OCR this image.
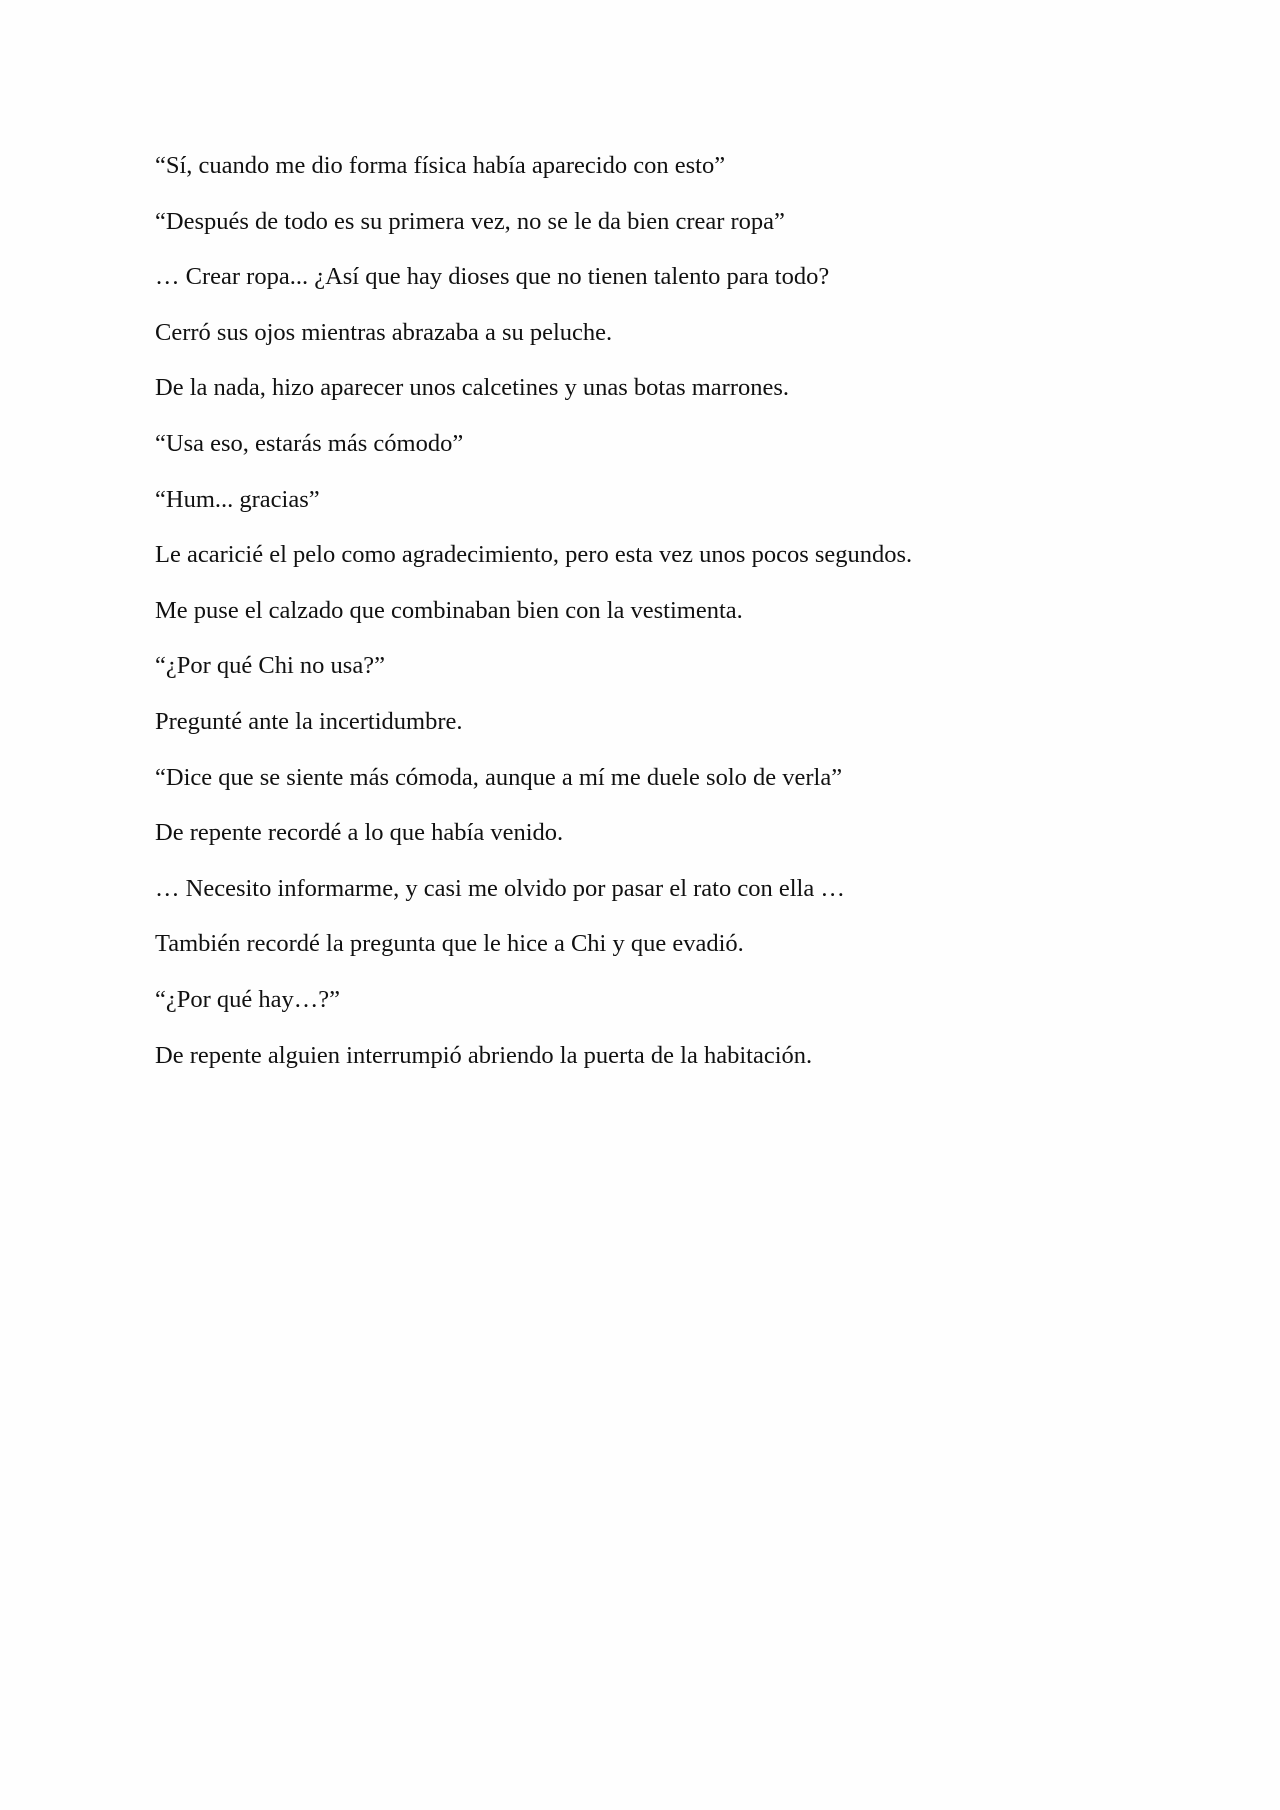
“Sí, cuando me dio forma física había aparecido con esto”

“Después de todo es su primera vez, no se le da bien crear ropa”

… Crear ropa... ¿Así que hay dioses que no tienen talento para todo?

Cerró sus ojos mientras abrazaba a su peluche.

De la nada, hizo aparecer unos calcetines y unas botas marrones.

“Usa eso, estarás más cómodo”

“Hum... gracias”

Le acaricié el pelo como agradecimiento, pero esta vez unos pocos segundos.

Me puse el calzado que combinaban bien con la vestimenta.

“¿Por qué Chi no usa?”

Pregunté ante la incertidumbre.

“Dice que se siente más cómoda, aunque a mí me duele solo de verla”

De repente recordé a lo que había venido.

… Necesito informarme, y casi me olvido por pasar el rato con ella …

También recordé la pregunta que le hice a Chi y que evadió.

“¿Por qué hay…?”

De repente alguien interrumpió abriendo la puerta de la habitación.
